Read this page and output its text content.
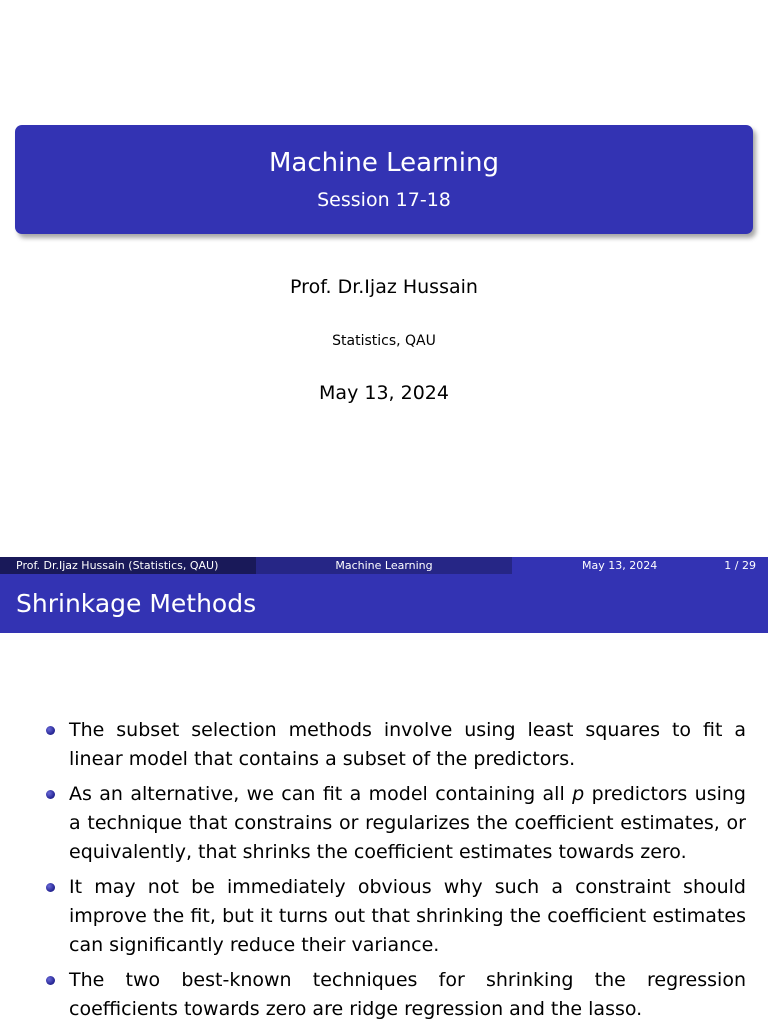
Machine Learning
Session 17-18
Prof. Dr.Ijaz Hussain
Statistics, QAU
May 13, 2024
Prof. Dr.Ijaz Hussain (Statistics, QAU)	Machine Learning	May 13, 2024	1 / 29
Shrinkage Methods
The subset selection methods involve using least squares to fit a linear model that contains a subset of the predictors.
As an alternative, we can fit a model containing all p predictors using a technique that constrains or regularizes the coefficient estimates, or equivalently, that shrinks the coefficient estimates towards zero.
It may not be immediately obvious why such a constraint should improve the fit, but it turns out that shrinking the coefficient estimates can significantly reduce their variance.
The two best-known techniques for shrinking the regression coefficients towards zero are ridge regression and the lasso.
